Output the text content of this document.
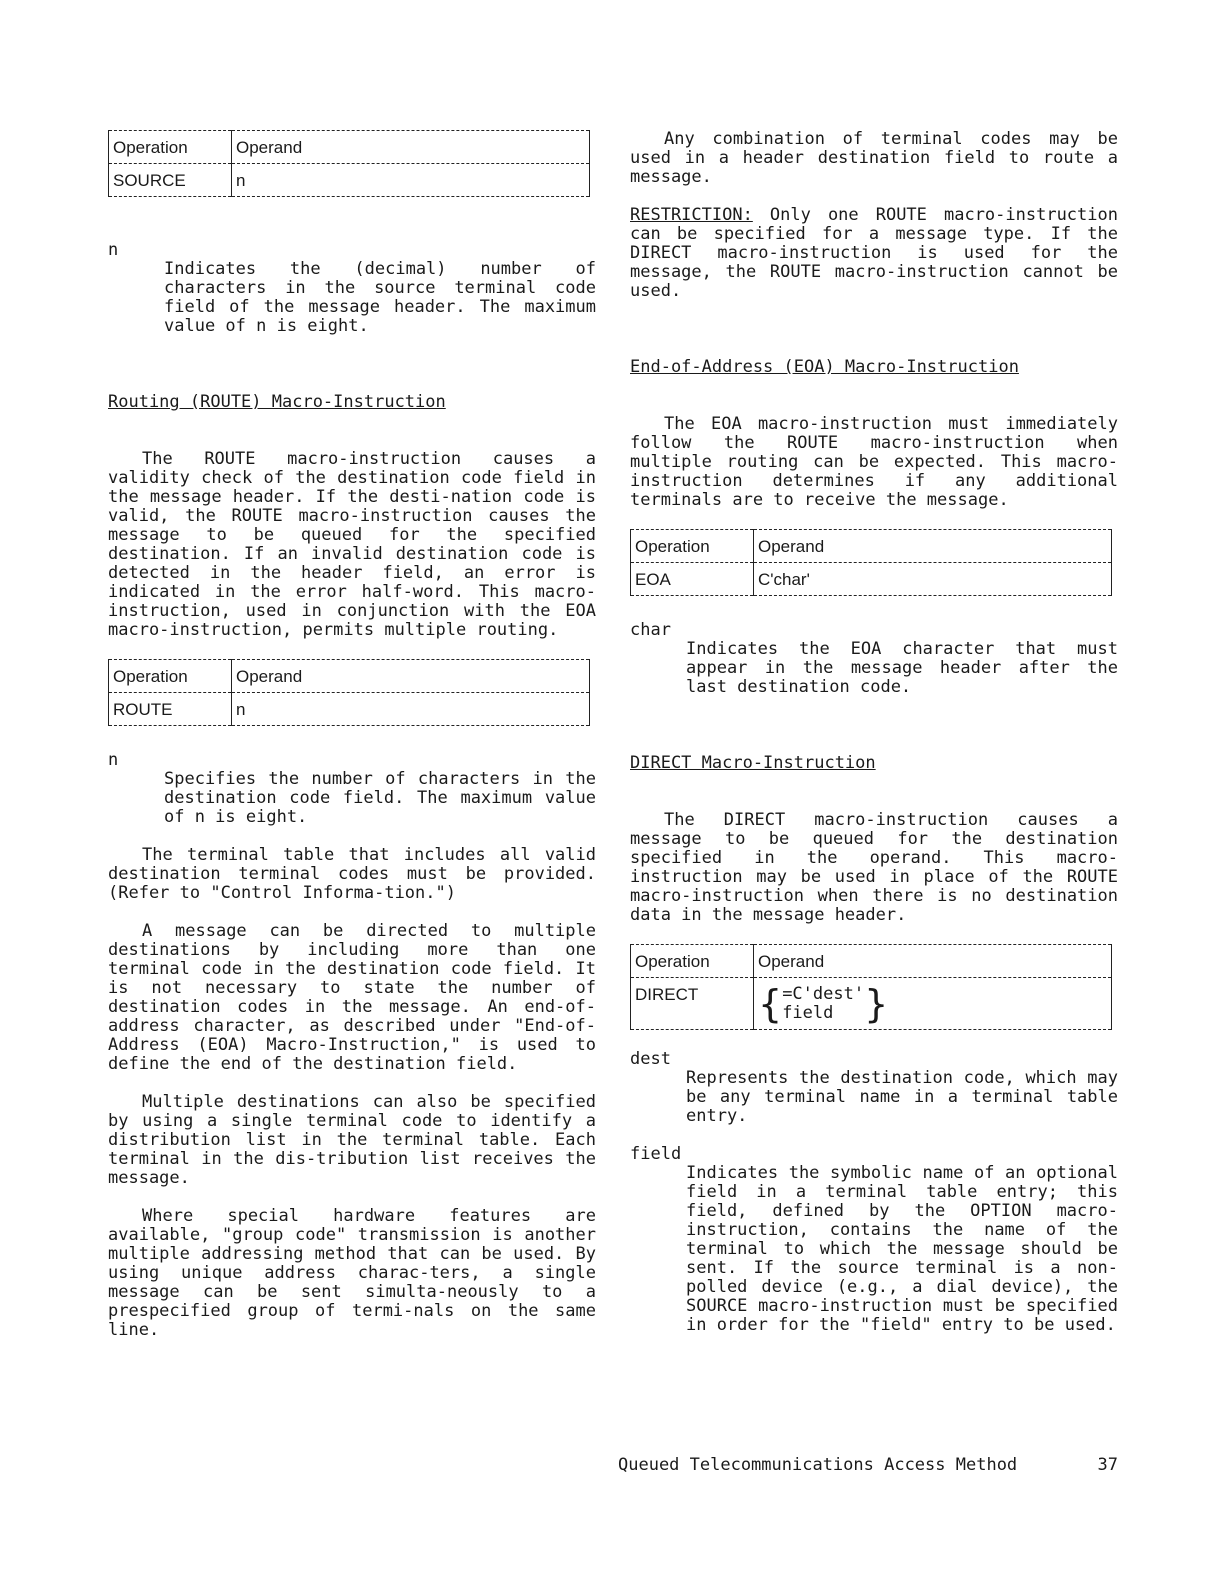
Operation	Operand
SOURCE	n

n

Indicates the (decimal) number of characters in the source terminal code field of the message header. The maximum value of n is eight.

Routing (ROUTE) Macro-Instruction

The ROUTE macro-instruction causes a validity check of the destination code field in the message header. If the desti-nation code is valid, the ROUTE macro-instruction causes the message to be queued for the specified destination. If an invalid destination code is detected in the header field, an error is indicated in the error half-word. This macro-instruction, used in conjunction with the EOA macro-instruction, permits multiple routing.

Operation	Operand
ROUTE	n

n

Specifies the number of characters in the destination code field. The maximum value of n is eight.

The terminal table that includes all valid destination terminal codes must be provided. (Refer to "Control Informa-tion.")

A message can be directed to multiple destinations by including more than one terminal code in the destination code field. It is not necessary to state the number of destination codes in the message. An end-of-address character, as described under "End-of-Address (EOA) Macro-Instruction," is used to define the end of the destination field.

Multiple destinations can also be specified by using a single terminal code to identify a distribution list in the terminal table. Each terminal in the dis-tribution list receives the message.

Where special hardware features are available, "group code" transmission is another multiple addressing method that can be used. By using unique address charac-ters, a single message can be sent simulta-neously to a prespecified group of termi-nals on the same line.

Any combination of terminal codes may be used in a header destination field to route a message.

RESTRICTION: Only one ROUTE macro-instruction can be specified for a message type. If the DIRECT macro-instruction is used for the message, the ROUTE macro-instruction cannot be used.

End-of-Address (EOA) Macro-Instruction

The EOA macro-instruction must immediately follow the ROUTE macro-instruction when multiple routing can be expected. This macro-instruction determines if any additional terminals are to receive the message.

Operation	Operand
EOA	C'char'

char

Indicates the EOA character that must appear in the message header after the last destination code.

DIRECT Macro-Instruction

The DIRECT macro-instruction causes a message to be queued for the destination specified in the operand. This macro-instruction may be used in place of the ROUTE macro-instruction when there is no destination data in the message header.

Operation	Operand
DIRECT	{ =C'dest'
field }

dest

Represents the destination code, which may be any terminal name in a terminal table entry.

field

Indicates the symbolic name of an optional field in a terminal table entry; this field, defined by the OPTION macro-instruction, contains the name of the terminal to which the message should be sent. If the source terminal is a non-polled device (e.g., a dial device), the SOURCE macro-instruction must be specified in order for the "field" entry to be used.

Queued Telecommunications Access Method	37
